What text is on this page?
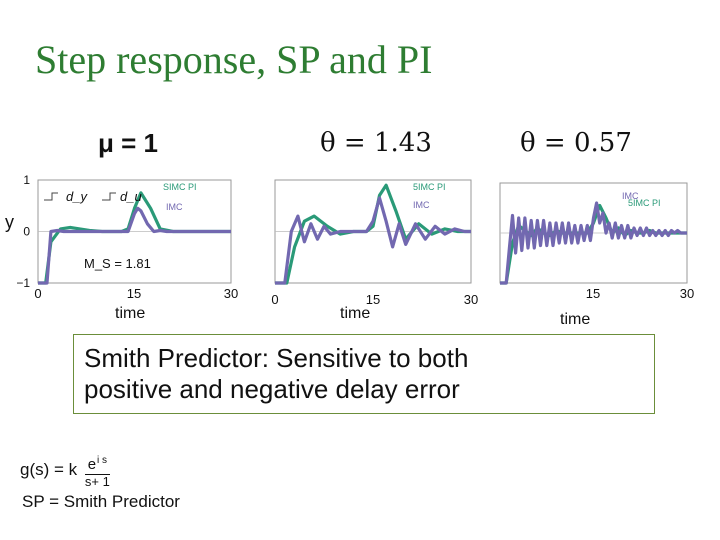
Step response, SP and PI
μ = 1	θ = 1.43	θ = 0.57
y
0	15	30
−1
0
1	SIMC PI
IMC
d_y	d_u
M_S = 1.81
0	15	30
5IMC PI
IMC
15	30
5IMC PI
IMC
time	time	time
Smith Predictor: Sensitive to both
positive and negative delay error
g(s) = k $\frac{e^{i s}}{s+ 1}$
SP = Smith Predictor
